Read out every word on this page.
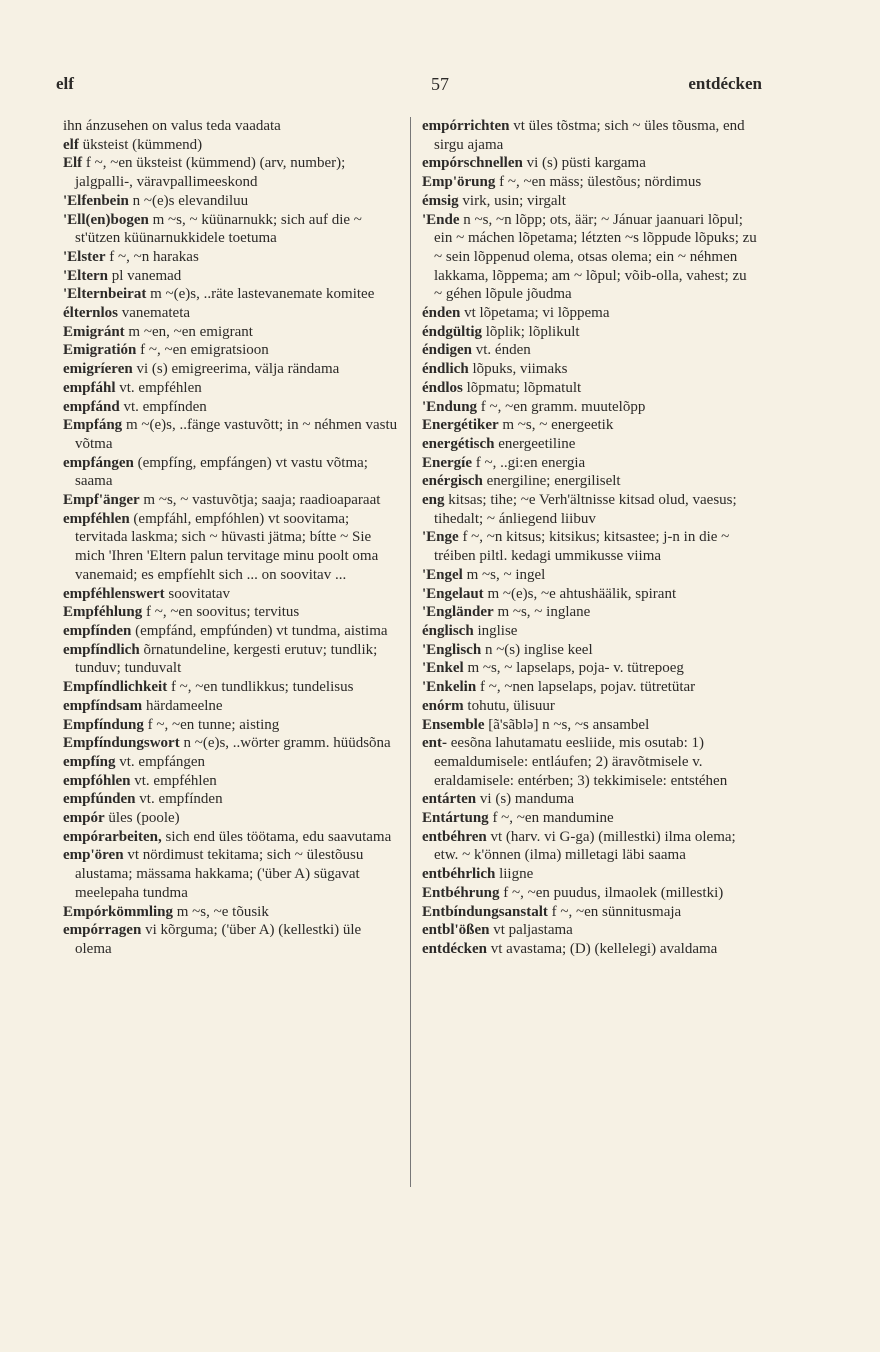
elf	57	entdécken
ihn ánzusehen on valus teda vaadata
elf üksteist (kümmend)
Elf f ~, ~en üksteist (kümmend) (arv, number); jalgpalli-, väravpallimeeskond
'Elfenbein n ~(e)s elevandiluu
'Ell(en)bogen m ~s, ~ küünarnukk; sich auf die ~ st'ützen küünarnukkidele toetuma
'Elster f ~, ~n harakas
'Eltern pl vanemad
'Elternbeirat m ~(e)s, ..räte lastevanemate komitee
élternlos vanemateta
Emigránt m ~en, ~en emigrant
Emigratión f ~, ~en emigratsioon
emigríeren vi (s) emigreerima, välja rändama
empfáhl vt. empféhlen
empfánd vt. empfínden
Empfáng m ~(e)s, ..fänge vastuvõtt; in ~ néhmen vastu võtma
empfángen (empfíng, empfángen) vt vastu võtma; saama
Empf'änger m ~s, ~ vastuvõtja; saaja; raadioaparaat
empféhlen (empfáhl, empfóhlen) vt soovitama; tervitada laskma; sich ~ hüvasti jätma; bítte ~ Sie mich 'Ihren 'Eltern palun tervitage minu poolt oma vanemaid; es empfíehlt sich ... on soovitav ...
empféhlenswert soovitatav
Empféhlung f ~, ~en soovitus; tervitus
empfínden (empfánd, empfúnden) vt tundma, aistima
empfíndlich õrnatundeline, kergesti erutuv; tundlik; tunduv; tunduvalt
Empfíndlichkeit f ~, ~en tundlikkus; tundelisus
empfíndsam härdameelne
Empfíndung f ~, ~en tunne; aisting
Empfíndungswort n ~(e)s, ..wörter gramm. hüüdsõna
empfíng vt. empfángen
empfóhlen vt. empféhlen
empfúnden vt. empfínden
empór üles (poole)
empórarbeiten, sich end üles töötama, edu saavutama
emp'ören vt nördimust tekitama; sich ~ ülestõusu alustama; mässama hakkama; ('über A) sügavat meelepaha tundma
Empórkömmling m ~s, ~e tõusik
empórragen vi kõrguma; ('über A) (kellestki) üle olema
empórrichten vt üles tõstma; sich ~ üles tõusma, end sirgu ajama
empórschnellen vi (s) püsti kargama
Emp'örung f ~, ~en mäss; ülestõus; nördimus
émsig virk, usin; virgalt
'Ende n ~s, ~n lõpp; ots, äär; ~ Jánuar jaanuari lõpul; ein ~ máchen lõpetama; létzten ~s lõppude lõpuks; zu ~ sein lõppenud olema, otsas olema; ein ~ néhmen lakkama, lõppema; am ~ lõpul; võib-olla, vahest; zu ~ géhen lõpule jõudma
énden vt lõpetama; vi lõppema
éndgültig lõplik; lõplikult
éndigen vt. énden
éndlich lõpuks, viimaks
éndlos lõpmatu; lõpmatult
'Endung f ~, ~en gramm. muutelõpp
Energétiker m ~s, ~ energeetik
energétisch energeetiline
Energíe f ~, ..gi:en energia
enérgisch energiline; energiliselt
eng kitsas; tihe; ~e Verh'ältnisse kitsad olud, vaesus; tihedalt; ~ ánliegend liibuv
'Enge f ~, ~n kitsus; kitsikus; kitsastee; j-n in die ~ tréiben piltl. kedagi ummikusse viima
'Engel m ~s, ~ ingel
'Engelaut m ~(e)s, ~e ahtushäälik, spirant
'Engländer m ~s, ~ inglane
énglisch inglise
'Englisch n ~(s) inglise keel
'Enkel m ~s, ~ lapselaps, poja- v. tütrepoeg
'Enkelin f ~, ~nen lapselaps, pojav. tütretütar
enórm tohutu, ülisuur
Ensemble [ã'sãblə] n ~s, ~s ansambel
ent- eesõna lahutamatu eesliide, mis osutab: 1) eemaldumisele: entláufen; 2) äravõtmisele v. eraldamisele: entérben; 3) tekkimisele: entstéhen
entárten vi (s) manduma
Entártung f ~, ~en mandumine
entbéhren vt (harv. vi G-ga) (millestki) ilma olema; etw. ~ k'önnen (ilma) milletagi läbi saama
entbéhrlich liigne
Entbéhrung f ~, ~en puudus, ilmaolek (millestki)
Entbíndungsanstalt f ~, ~en sünnitusmaja
entbl'ößen vt paljastama
entdécken vt avastama; (D) (kellelegi) avaldama
